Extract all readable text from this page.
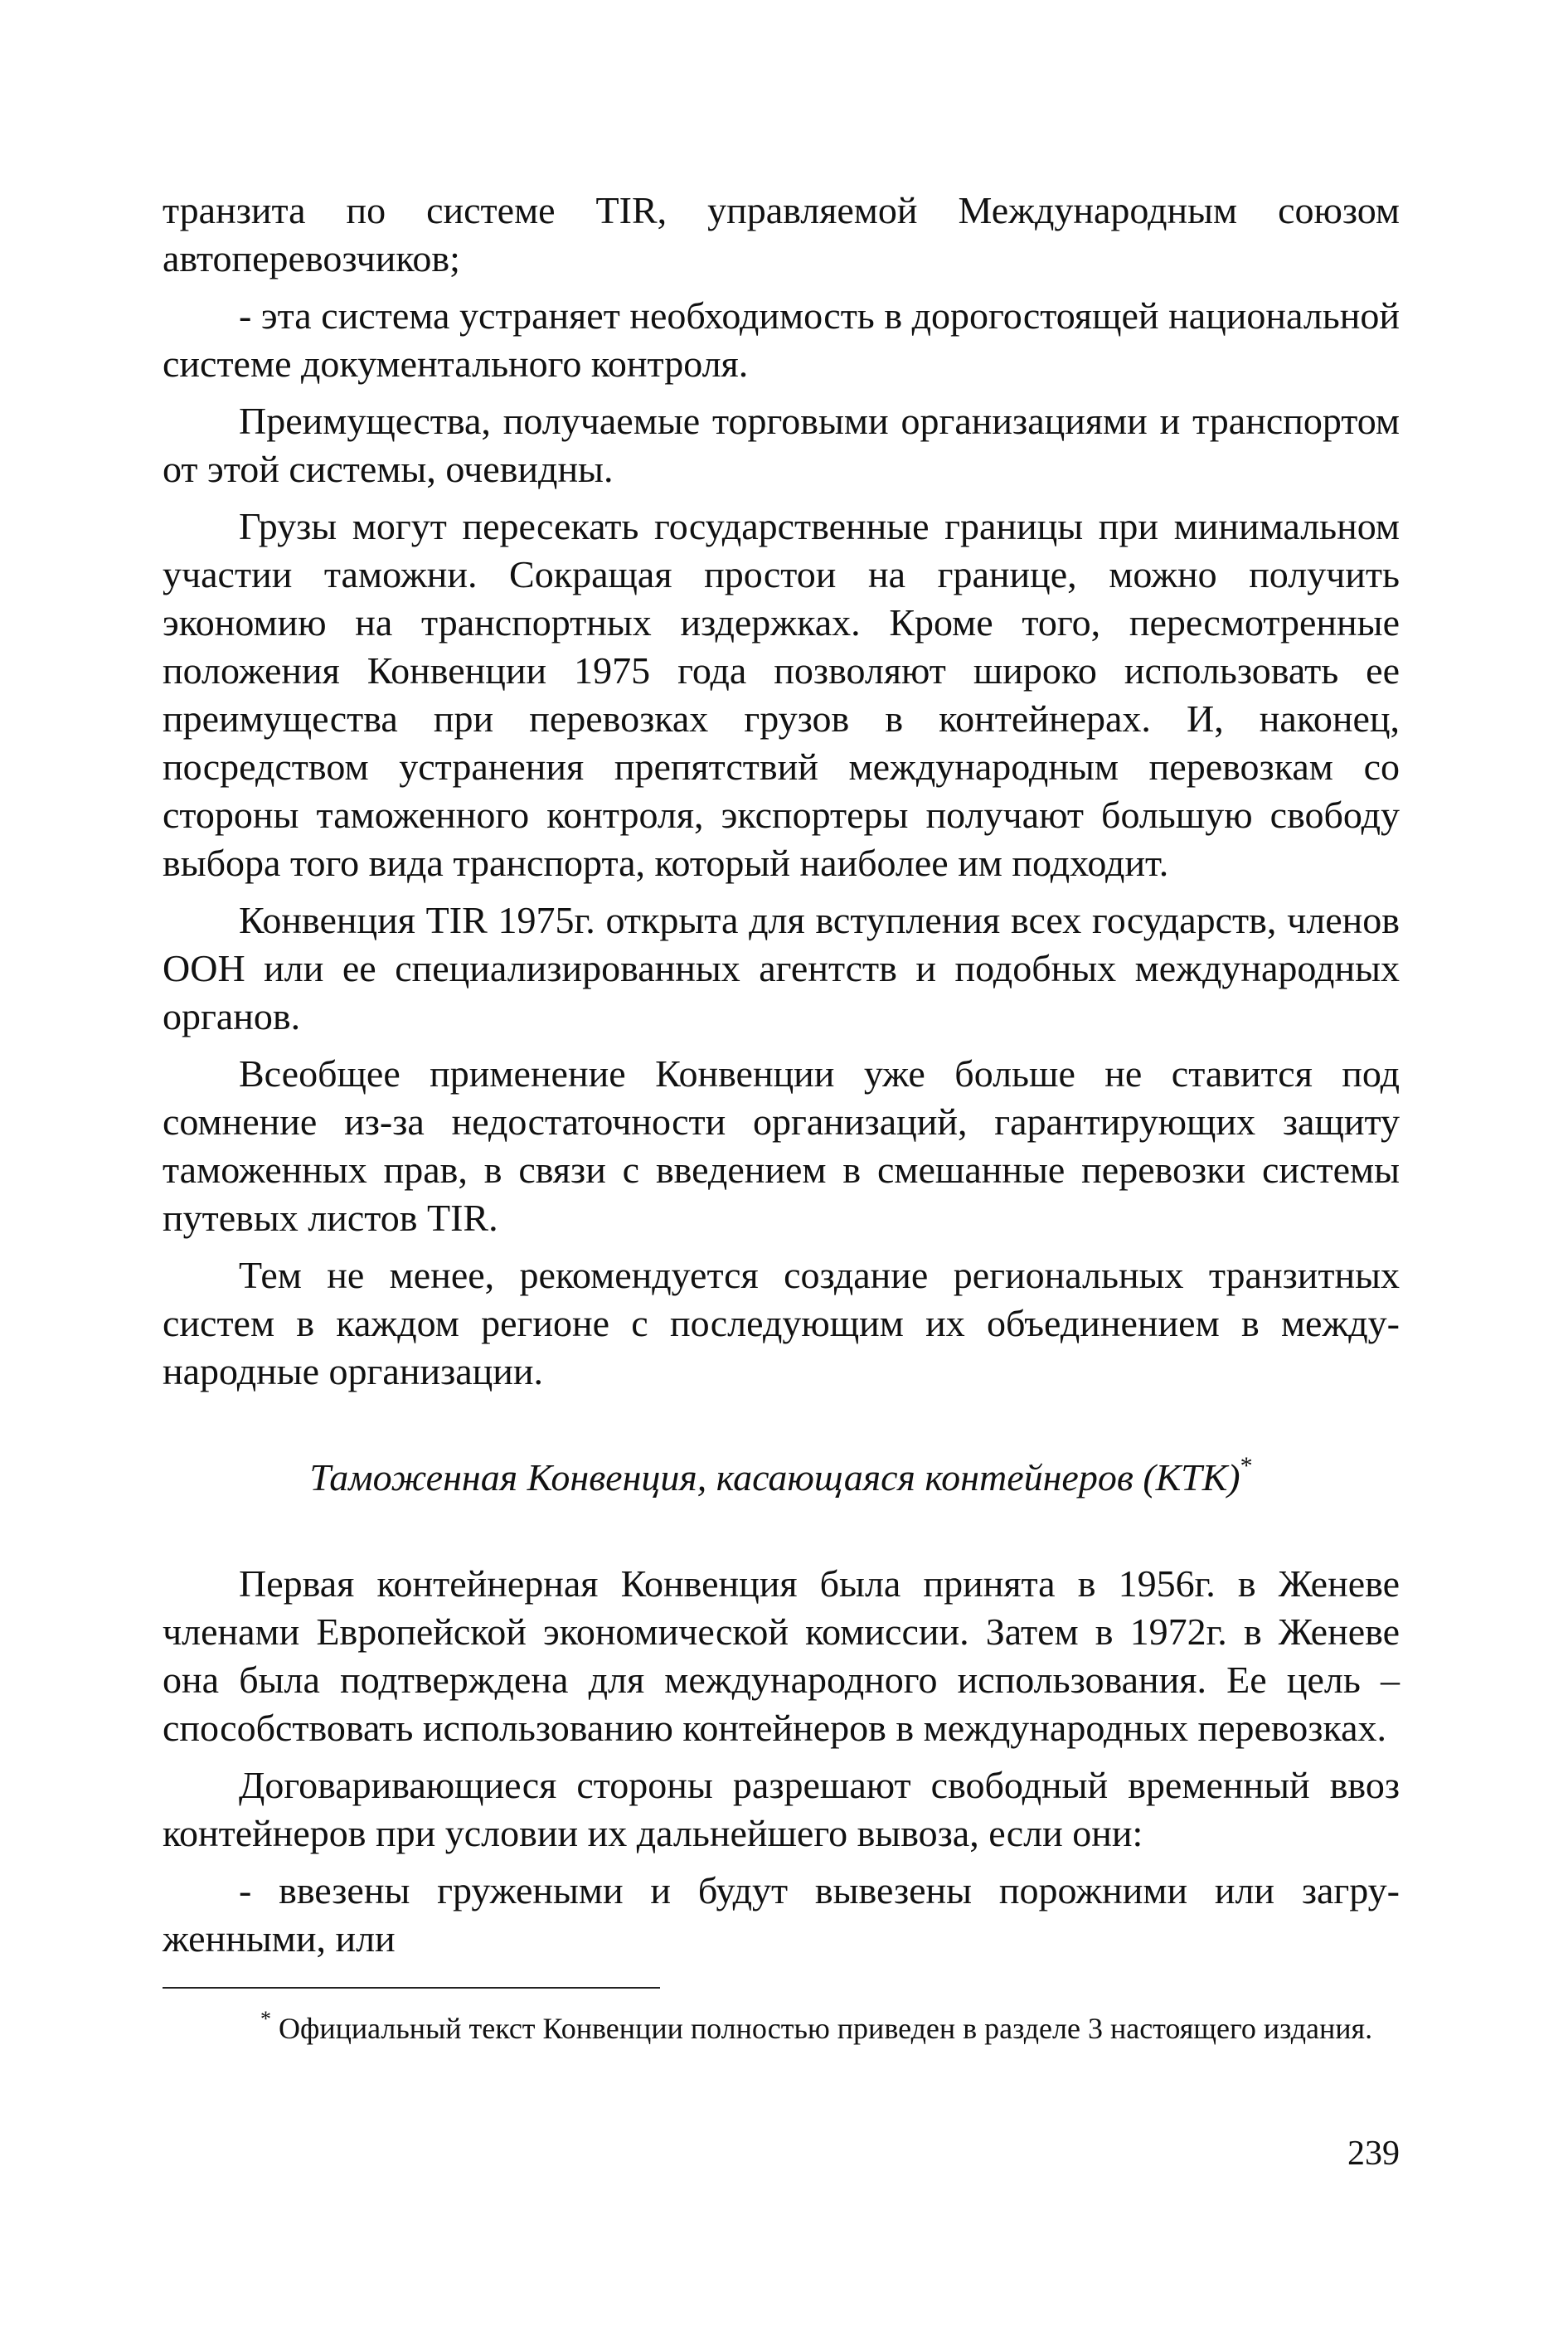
транзита по системе TIR, управляемой Международным союзом автоперевозчиков;

- эта система устраняет необходимость в дорогостоящей национальной системе документального контроля.

Преимущества, получаемые торговыми организациями и транспортом от этой системы, очевидны.

Грузы могут пересекать государственные границы при минимальном участии таможни. Сокращая простои на границе, можно получить экономию на транспортных издержках. Кроме того, пересмотренные положения Конвенции 1975 года позволяют широко использовать ее преимущества при перевозках грузов в контейнерах. И, наконец, посредством устранения препятствий международным перевозкам со стороны таможенного контроля, экспортеры получают большую свободу выбора того вида транспорта, который наиболее им подходит.

Конвенция TIR 1975г. открыта для вступления всех государств, членов ООН или ее специализированных агентств и подобных международных органов.

Всеобщее применение Конвенции уже больше не ставится под сомнение из-за недостаточности организаций, гарантирующих защиту таможенных прав, в связи с введением в смешанные перевозки системы путевых листов TIR.

Тем не менее, рекомендуется создание региональных транзитных систем в каждом регионе с последующим их объединением в международные организации.

Таможенная Конвенция, касающаяся контейнеров (КТК)*

Первая контейнерная Конвенция была принята в 1956г. в Женеве членами Европейской экономической комиссии. Затем в 1972г. в Женеве она была подтверждена для международного использования. Ее цель – способствовать использованию контейнеров в международных перевозках.

Договаривающиеся стороны разрешают свободный временный ввоз контейнеров при условии их дальнейшего вывоза, если они:

- ввезены гружеными и будут вывезены порожними или загруженными, или

* Официальный текст Конвенции полностью приведен в разделе 3 настоящего издания.

239
